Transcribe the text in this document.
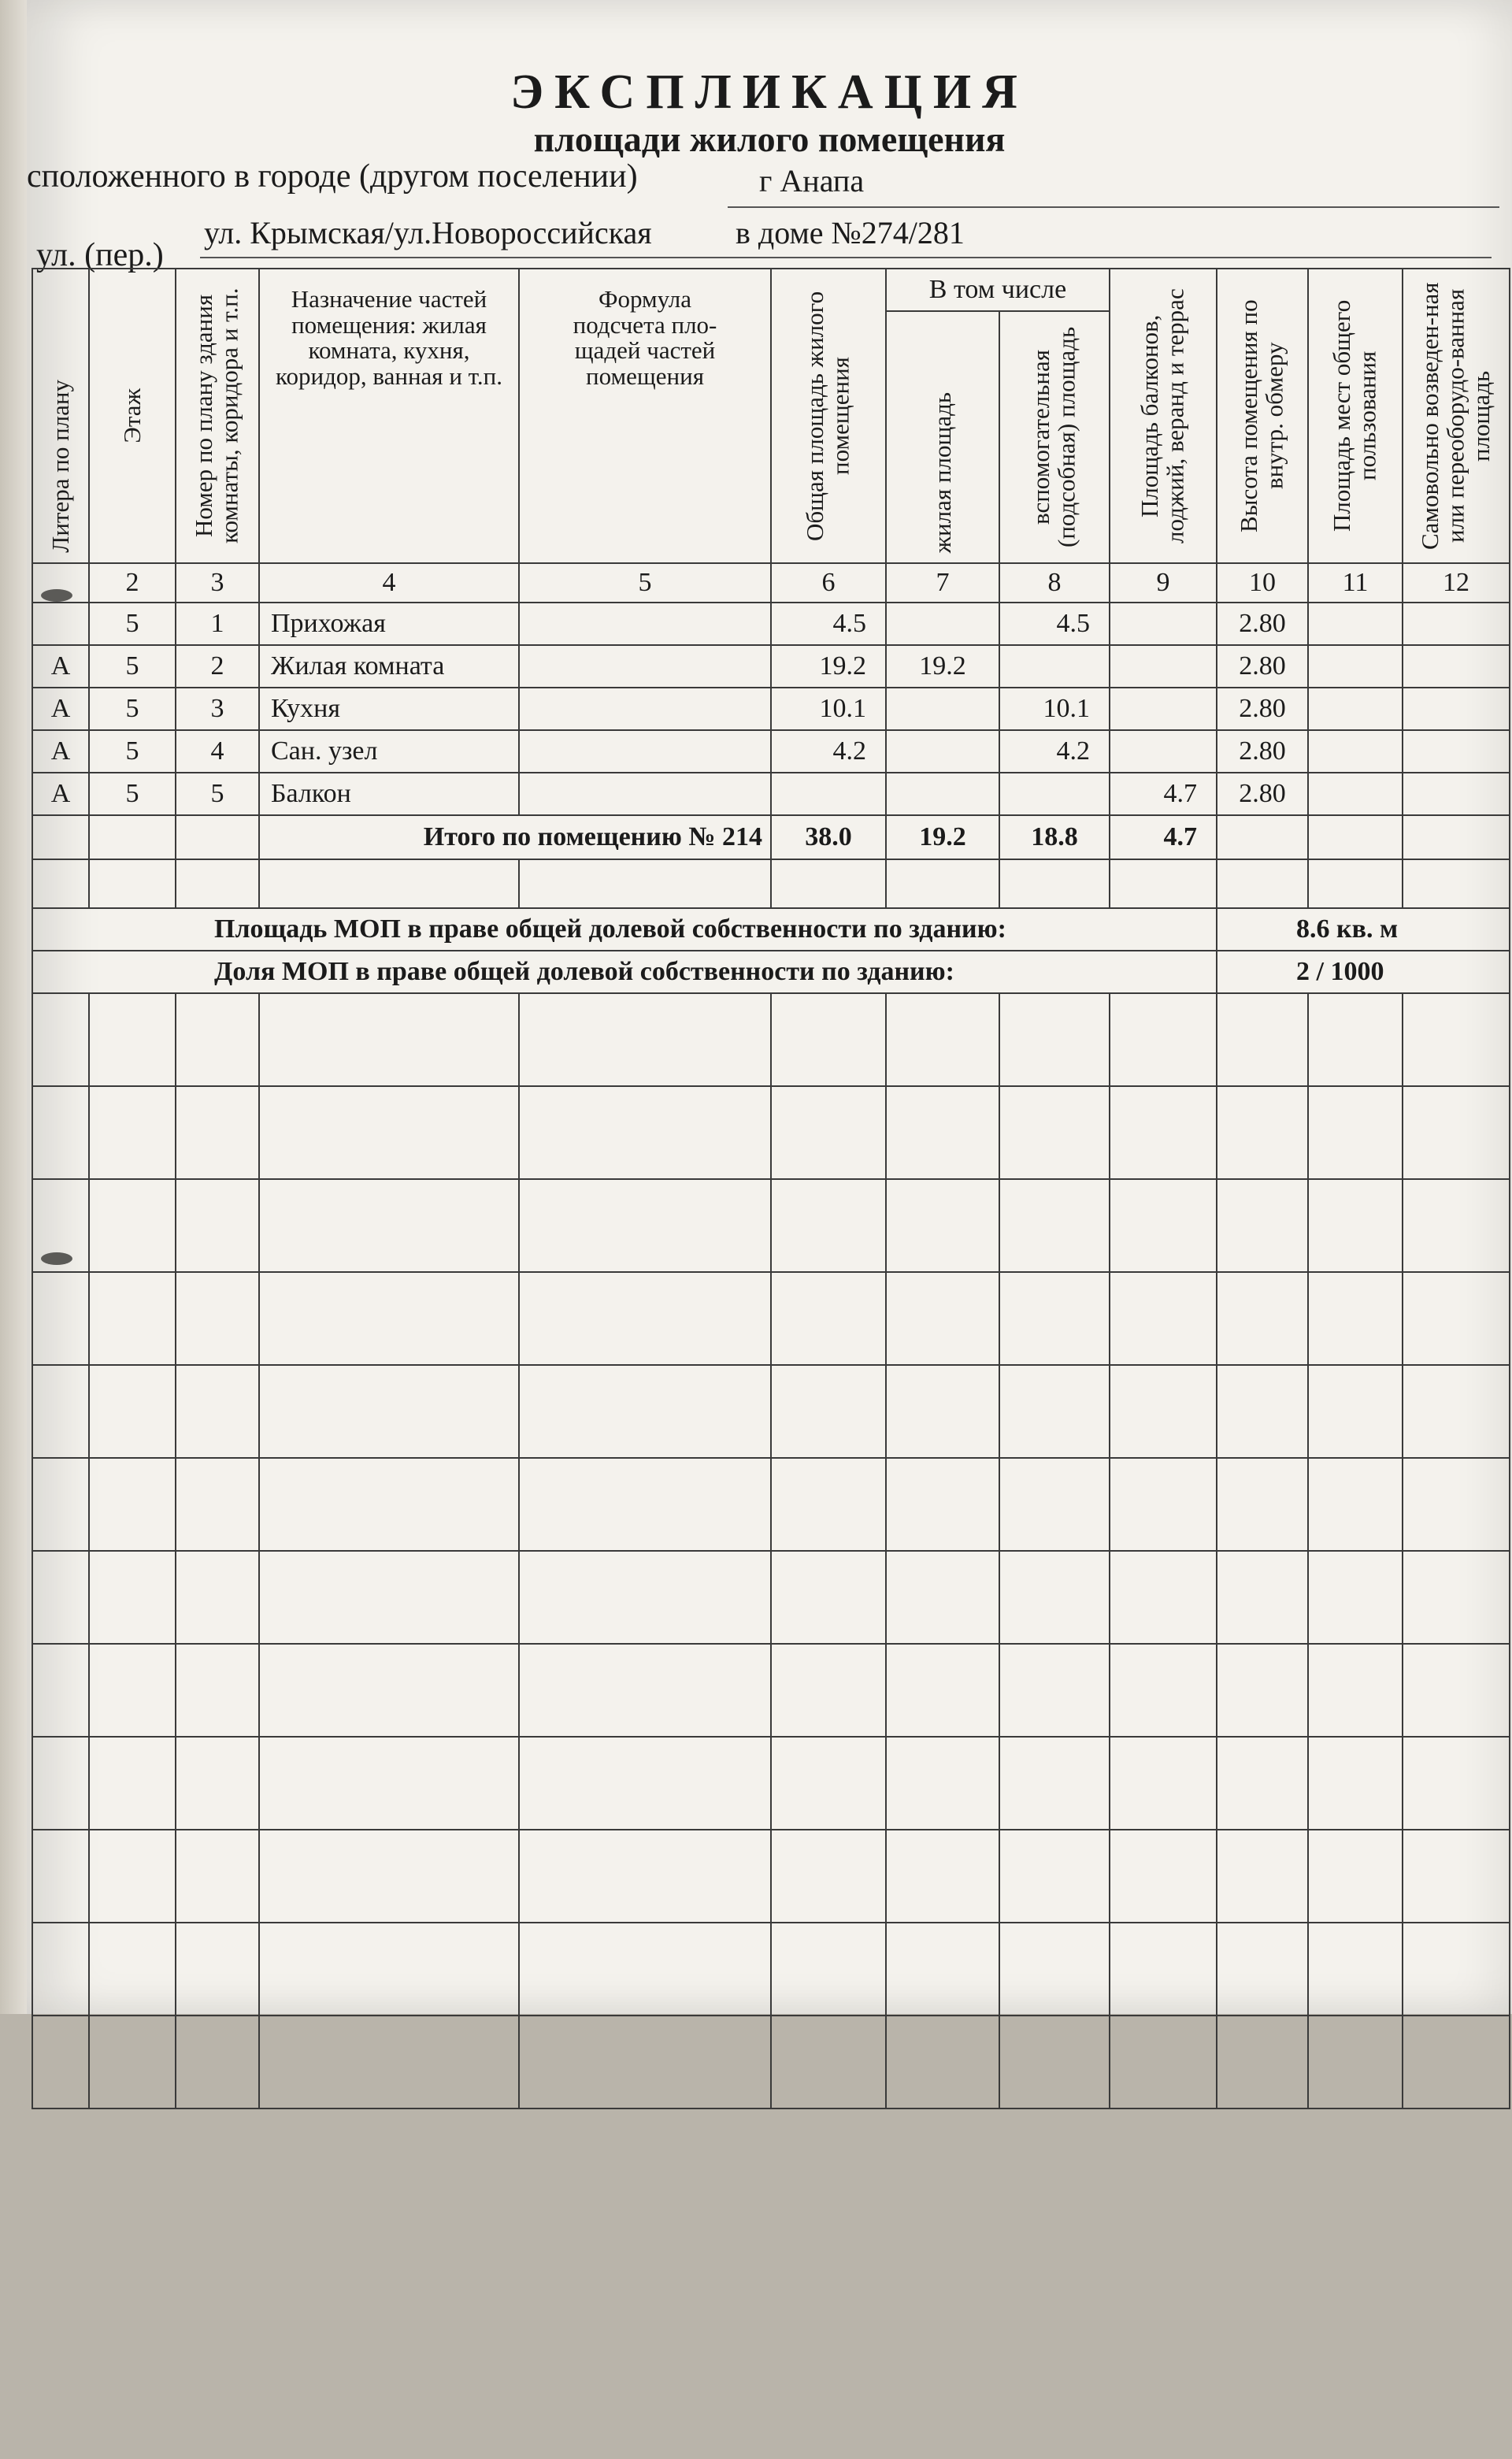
ЭКСПЛИКАЦИЯ
площади жилого помещения
сположенного в городе (другом поселении)	г Анапа
ул. (пер.)
ул. Крымская/ул.Новороссийская	в доме №274/281
Литера по плану	Этаж	Номер по плану здания комнаты, коридора и т.п.	Назначение частей помещения: жилая комната, кухня, коридор, ванная и т.п.	Формула подсчета пло-щадей частей помещения	Общая площадь жилого помещения	В том числе		Площадь балконов, лоджий, веранд и террас	Высота помещения по внутр. обмеру	Площадь мест общего пользования	Самовольно возведен-ная или переоборудо-ванная площадь

						жилая площадь	вспомогательная (подсобная) площадь				

	2	3	4	5	6	7	8	9	10	11	12
	5	1	Прихожая		4.5		4.5		2.80		
А	5	2	Жилая комната		19.2	19.2			2.80		
А	5	3	Кухня		10.1		10.1		2.80		
А	5	4	Сан. узел		4.2		4.2		2.80		
А	5	5	Балкон					4.7	2.80		
			Итого по помещению № 214		38.0	19.2	18.8	4.7			

Площадь МОП в праве общей долевой собственности по зданию:									8.6 кв. м		
Доля МОП в праве общей долевой собственности по зданию:									2 / 1000		
